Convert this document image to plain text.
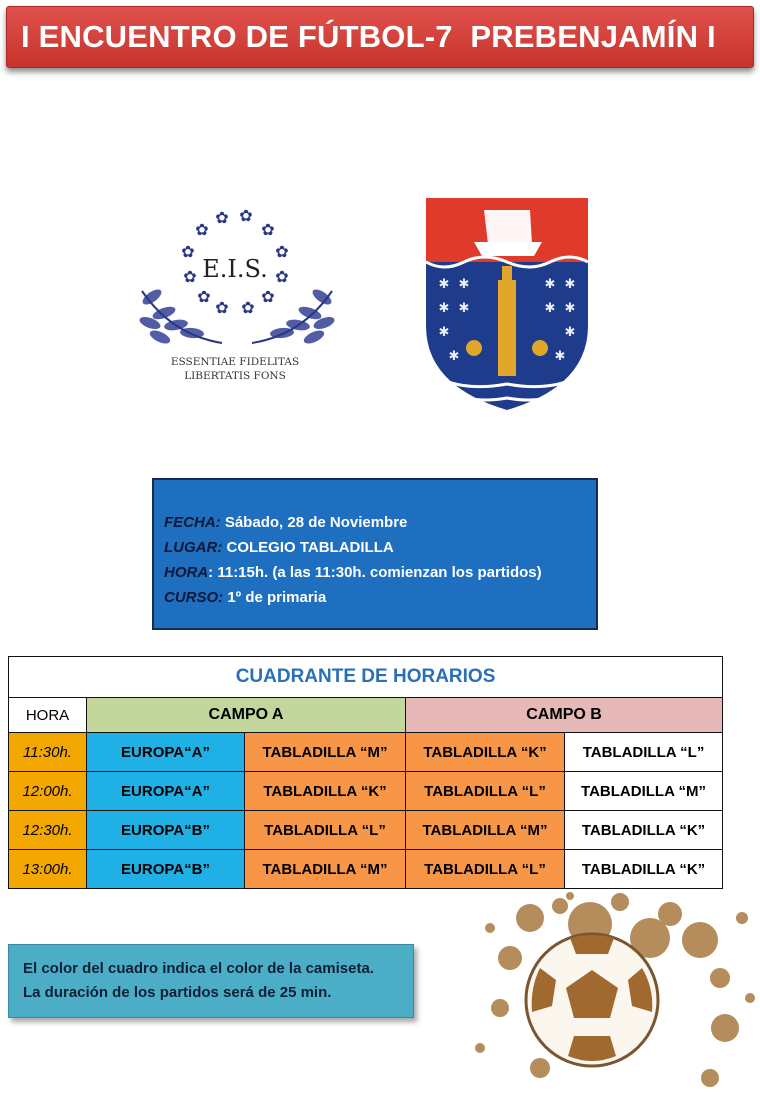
I ENCUENTRO DE FÚTBOL-7  PREBENJAMÍN I
✿ ✿
✿	✿
✿	✿
✿	✿
✿	✿
✿ ✿
E.I.S.
ESSENTIAE FIDELITAS
LIBERTATIS FONS
✱ ✱	✱ ✱
✱ ✱	✱ ✱
✱	✱
✱	✱
FECHA: Sábado, 28 de Noviembre
LUGAR: COLEGIO TABLADILLA
HORA: 11:15h. (a las 11:30h. comienzan los partidos)
CURSO: 1º de primaria
CUADRANTE DE HORARIOS				
HORA	CAMPO A		CAMPO B	
11:30h.	EUROPA“A”	TABLADILLA “M”	TABLADILLA “K”	TABLADILLA “L”
12:00h.	EUROPA“A”	TABLADILLA “K”	TABLADILLA “L”	TABLADILLA “M”
12:30h.	EUROPA“B”	TABLADILLA “L”	TABLADILLA “M”	TABLADILLA “K”
13:00h.	EUROPA“B”	TABLADILLA “M”	TABLADILLA “L”	TABLADILLA “K”
El color del cuadro indica el color de la camiseta.
La duración de los partidos será de 25 min.
